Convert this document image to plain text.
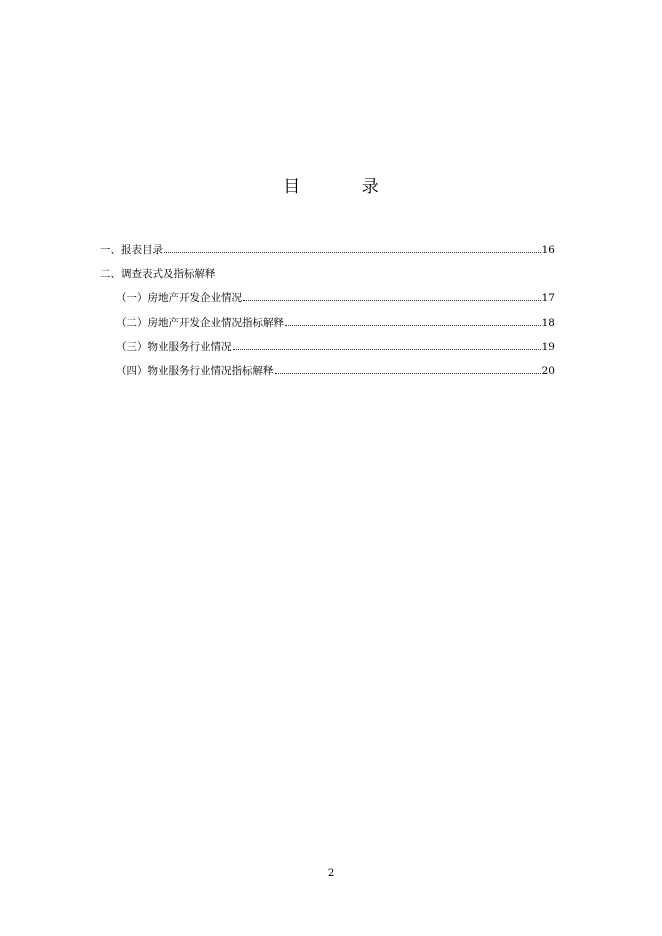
目 录
一、报表目录	16
二、调查表式及指标解释
（一）房地产开发企业情况	17
（二）房地产开发企业情况指标解释	18
（三）物业服务行业情况	19
（四）物业服务行业情况指标解释	20
2
